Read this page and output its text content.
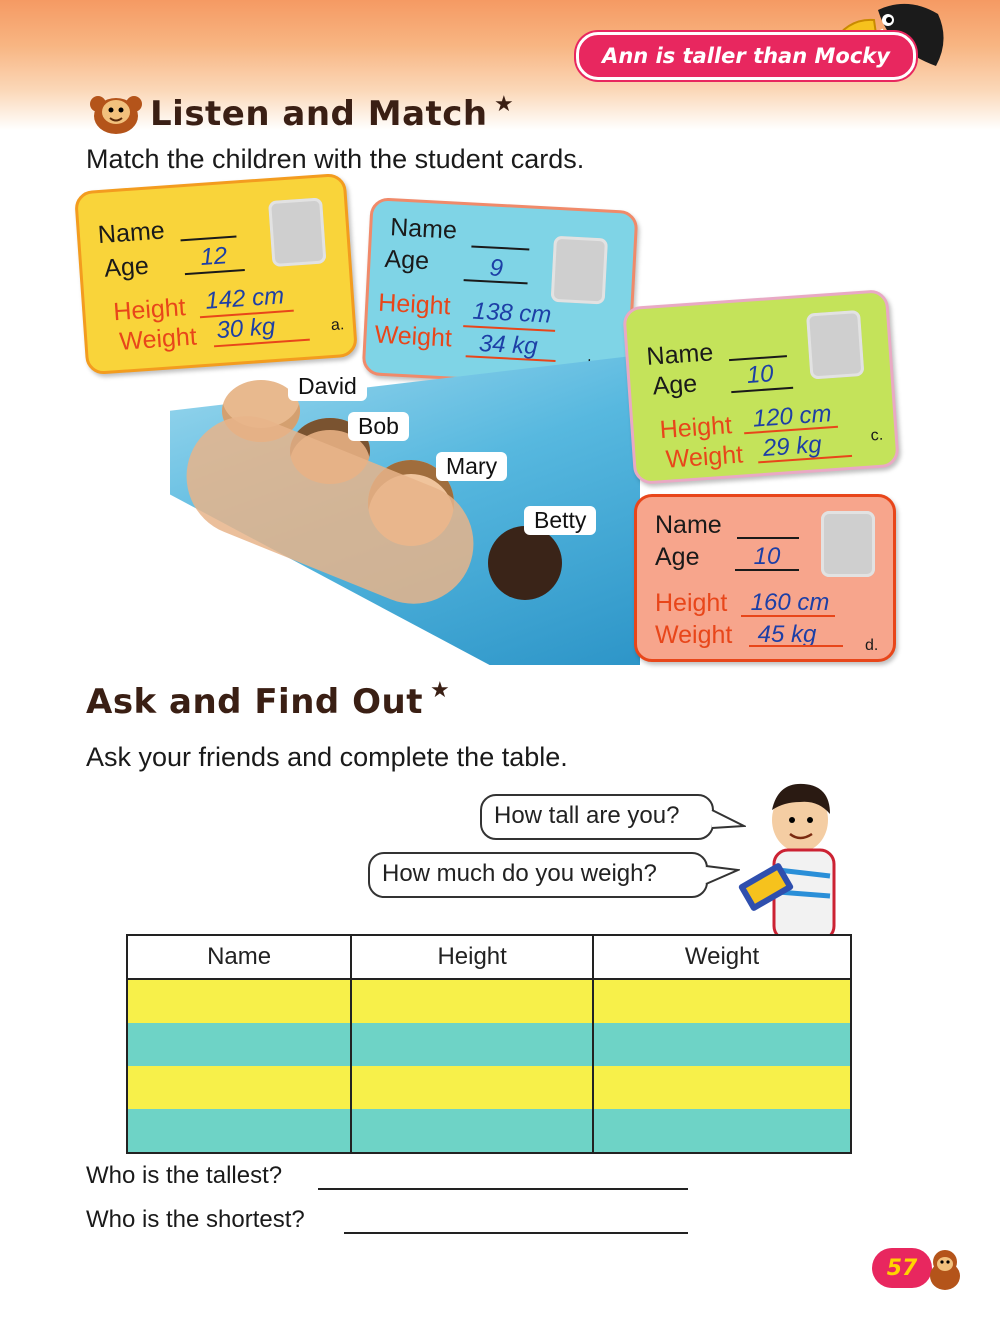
Ann is taller than Mocky
Listen and Match ★
Match the children with the student cards.
Name
Age	12
Height 142 cm
Weight 30 kg	a.
Name
Age	9
Height 138 cm
Weight	34 kg
David
Bob
Mary
Betty
Name
Age	10
Height 120 cm
Weight 29 kg	c.
Name
Age	10
Height 160 cm
Weight	45 kg	d.
Ask and Find Out ★
Ask your friends and complete the table.
How tall are you?
How much do you weigh?
Name	Height	Weight

Who is the tallest?
Who is the shortest?
57
